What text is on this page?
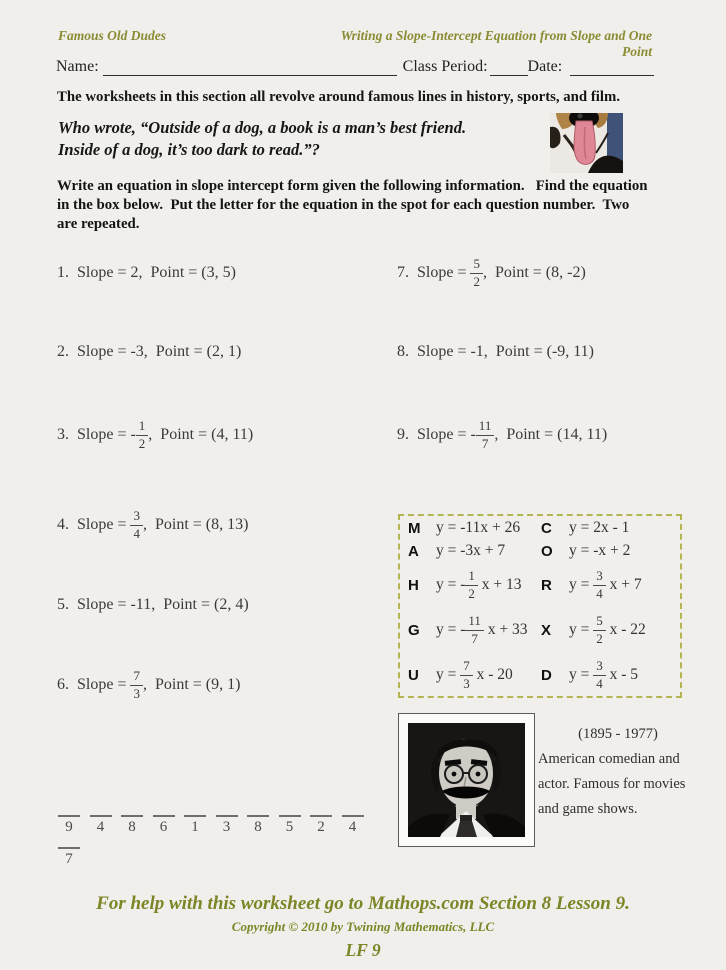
Famous Old Dudes	Writing a Slope-Intercept Equation from Slope and One Point
Name:	Class Period:	Date:
The worksheets in this section all revolve around famous lines in history, sports, and film.
Who wrote, “Outside of a dog, a book is a man’s best friend.
Inside of a dog, it’s too dark to read.”?
Write an equation in slope intercept form given the following information.   Find the equation
in the box below.  Put the letter for the equation in the spot for each question number.  Two
are repeated.
1.  Slope = 2,  Point = (3, 5)
2.  Slope = -3,  Point = (2, 1)
3.  Slope = - $\frac{1}{2}$ ,  Point = (4, 11)
4.  Slope = $\frac{3}{4}$ ,  Point = (8, 13)
5.  Slope = -11,  Point = (2, 4)
6.  Slope = $\frac{7}{3}$ ,  Point = (9, 1)
7.  Slope = $\frac{5}{2}$ ,  Point = (8, -2)
8.  Slope = -1,  Point = (-9, 11)
9.  Slope = - $\frac{11}{7}$ ,  Point = (14, 11)
M	y = -11x + 26 C	y = 2x - 1
A	y = -3x + 7 O	y = -x + 2
H	y = - $\frac{1}{2}$ x + 13 R	$y = \frac{3}{4}$ x + 7
G	y = - $\frac{11}{7}$ x + 33 X	$y = \frac{5}{2}$ x - 22
U	$y = \frac{7}{3}$ x - 20 D	$y = \frac{3}{4}$ x - 5
(1895 - 1977)
American comedian and
actor. Famous for movies
and game shows.
9
	4
	8
	6
	1
	3
	8
	5
	2
	4

7
For help with this worksheet go to Mathops.com Section 8 Lesson 9.
Copyright © 2010 by Twining Mathematics, LLC
LF 9
